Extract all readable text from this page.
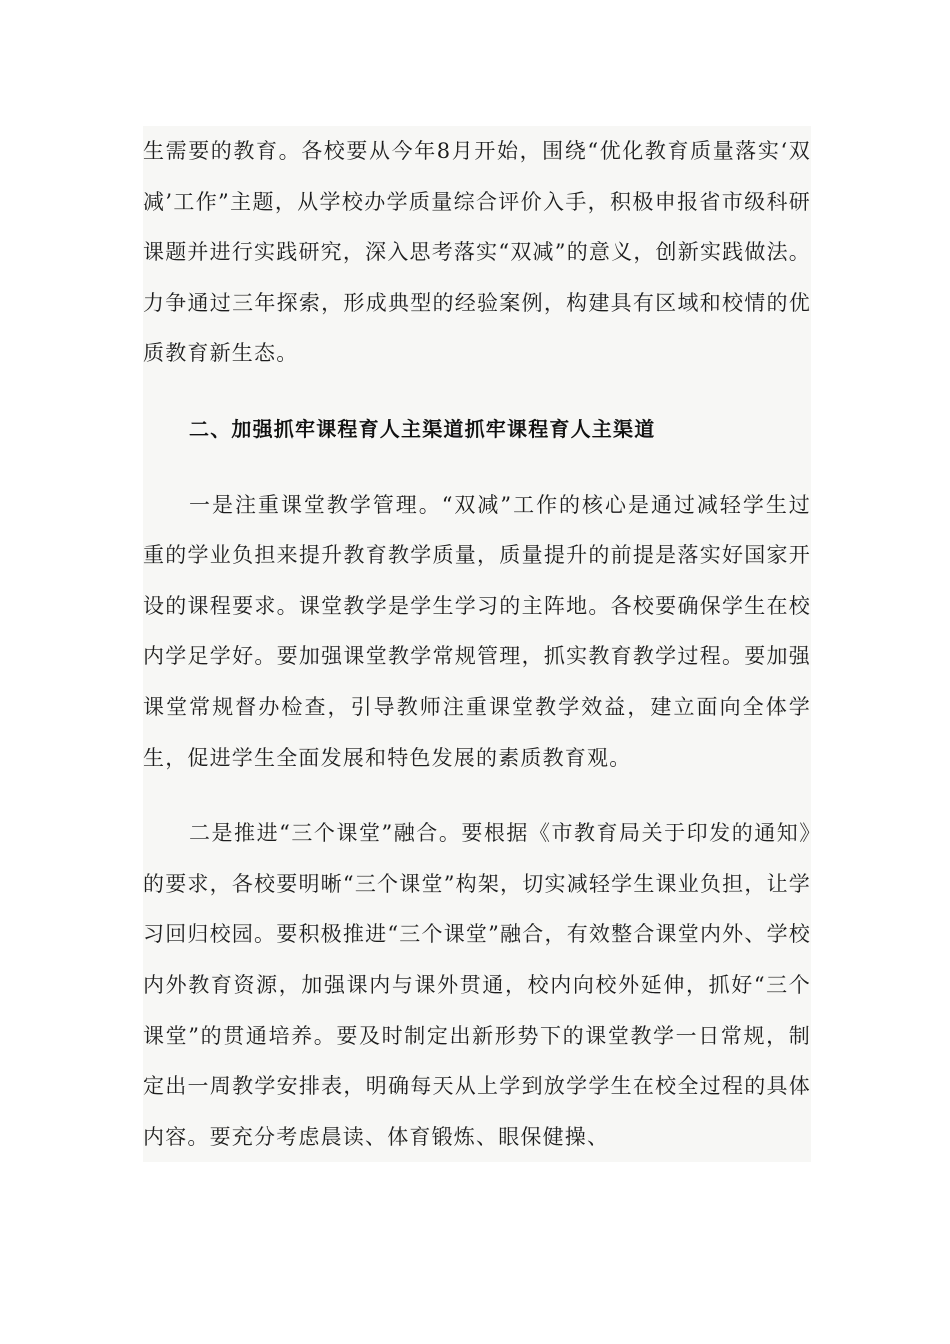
生需要的教育。各校要从今年8月开始，围绕“优化教育质量落实‘双减’工作”主题，从学校办学质量综合评价入手，积极申报省市级科研课题并进行实践研究，深入思考落实“双减”的意义，创新实践做法。力争通过三年探索，形成典型的经验案例，构建具有区域和校情的优质教育新生态。

二、加强抓牢课程育人主渠道抓牢课程育人主渠道

一是注重课堂教学管理。“双减”工作的核心是通过减轻学生过重的学业负担来提升教育教学质量，质量提升的前提是落实好国家开设的课程要求。课堂教学是学生学习的主阵地。各校要确保学生在校内学足学好。要加强课堂教学常规管理，抓实教育教学过程。要加强课堂常规督办检查，引导教师注重课堂教学效益，建立面向全体学生，促进学生全面发展和特色发展的素质教育观。

二是推进“三个课堂”融合。要根据《市教育局关于印发的通知》的要求，各校要明晰“三个课堂”构架，切实减轻学生课业负担，让学习回归校园。要积极推进“三个课堂”融合，有效整合课堂内外、学校内外教育资源，加强课内与课外贯通，校内向校外延伸，抓好“三个课堂”的贯通培养。要及时制定出新形势下的课堂教学一日常规，制定出一周教学安排表，明确每天从上学到放学学生在校全过程的具体内容。要充分考虑晨读、体育锻炼、眼保健操、
